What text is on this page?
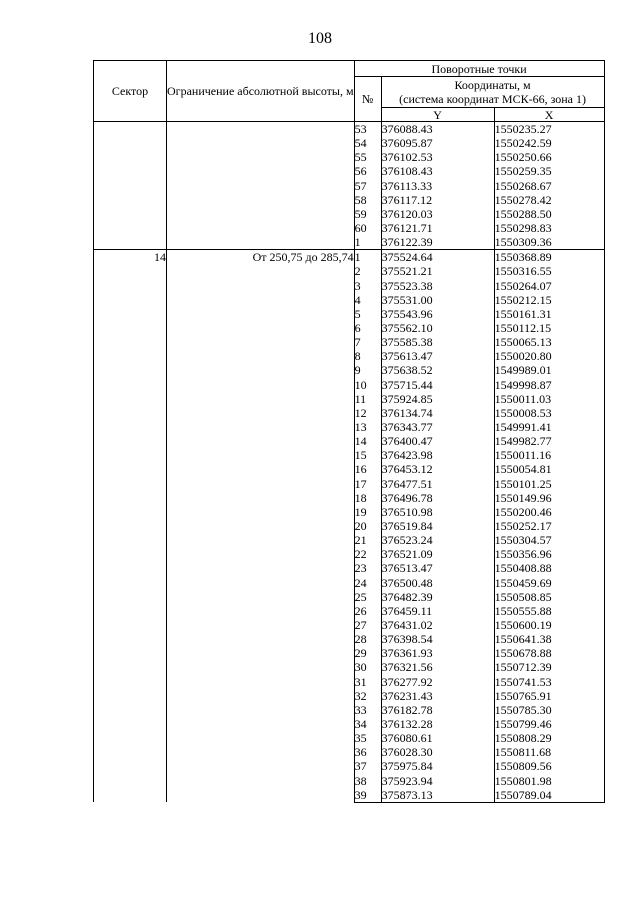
108
Сектор	Ограничение абсолютной высоты, м	Поворотные точки		
		№	Координаты, м
(система координат МСК-66, зона 1)	

			Y	X
		53	376088.43	1550235.27
		54	376095.87	1550242.59
		55	376102.53	1550250.66
		56	376108.43	1550259.35
		57	376113.33	1550268.67
		58	376117.12	1550278.42
		59	376120.03	1550288.50
		60	376121.71	1550298.83
		1	376122.39	1550309.36
14	От 250,75 до 285,74	1	375524.64	1550368.89
		2	375521.21	1550316.55
		3	375523.38	1550264.07
		4	375531.00	1550212.15
		5	375543.96	1550161.31
		6	375562.10	1550112.15
		7	375585.38	1550065.13
		8	375613.47	1550020.80
		9	375638.52	1549989.01
		10	375715.44	1549998.87
		11	375924.85	1550011.03
		12	376134.74	1550008.53
		13	376343.77	1549991.41
		14	376400.47	1549982.77
		15	376423.98	1550011.16
		16	376453.12	1550054.81
		17	376477.51	1550101.25
		18	376496.78	1550149.96
		19	376510.98	1550200.46
		20	376519.84	1550252.17
		21	376523.24	1550304.57
		22	376521.09	1550356.96
		23	376513.47	1550408.88
		24	376500.48	1550459.69
		25	376482.39	1550508.85
		26	376459.11	1550555.88
		27	376431.02	1550600.19
		28	376398.54	1550641.38
		29	376361.93	1550678.88
		30	376321.56	1550712.39
		31	376277.92	1550741.53
		32	376231.43	1550765.91
		33	376182.78	1550785.30
		34	376132.28	1550799.46
		35	376080.61	1550808.29
		36	376028.30	1550811.68
		37	375975.84	1550809.56
		38	375923.94	1550801.98
		39	375873.13	1550789.04
